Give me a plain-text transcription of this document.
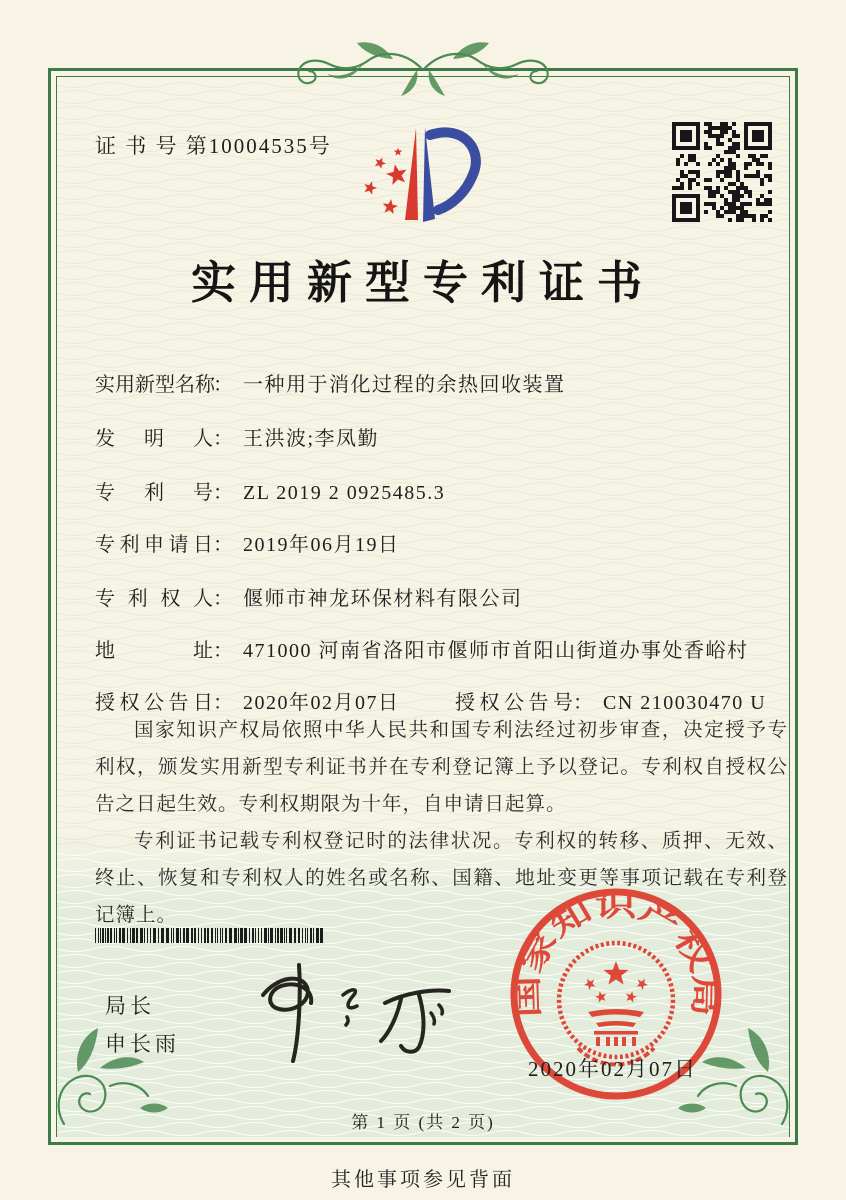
证 书 号 第10004535号
实用新型专利证书
实用新型名称： 一种用于消化过程的余热回收装置
发明人： 王洪波;李凤勤
专利号： ZL 2019 2 0925485.3
专利申请日： 2019年06月19日
专利权人： 偃师市神龙环保材料有限公司
地址： 471000 河南省洛阳市偃师市首阳山街道办事处香峪村
授权公告日： 2020年02月07日	授权公告号： CN 210030470 U

国家知识产权局依照中华人民共和国专利法经过初步审查，决定授予专利权，颁发实用新型专利证书并在专利登记簿上予以登记。专利权自授权公告之日起生效。专利权期限为十年，自申请日起算。

专利证书记载专利权登记时的法律状况。专利权的转移、质押、无效、终止、恢复和专利权人的姓名或名称、国籍、地址变更等事项记载在专利登记簿上。

局长
申长雨
国家知识产权局
2020年02月07日
第 1 页 (共 2 页)
其他事项参见背面
